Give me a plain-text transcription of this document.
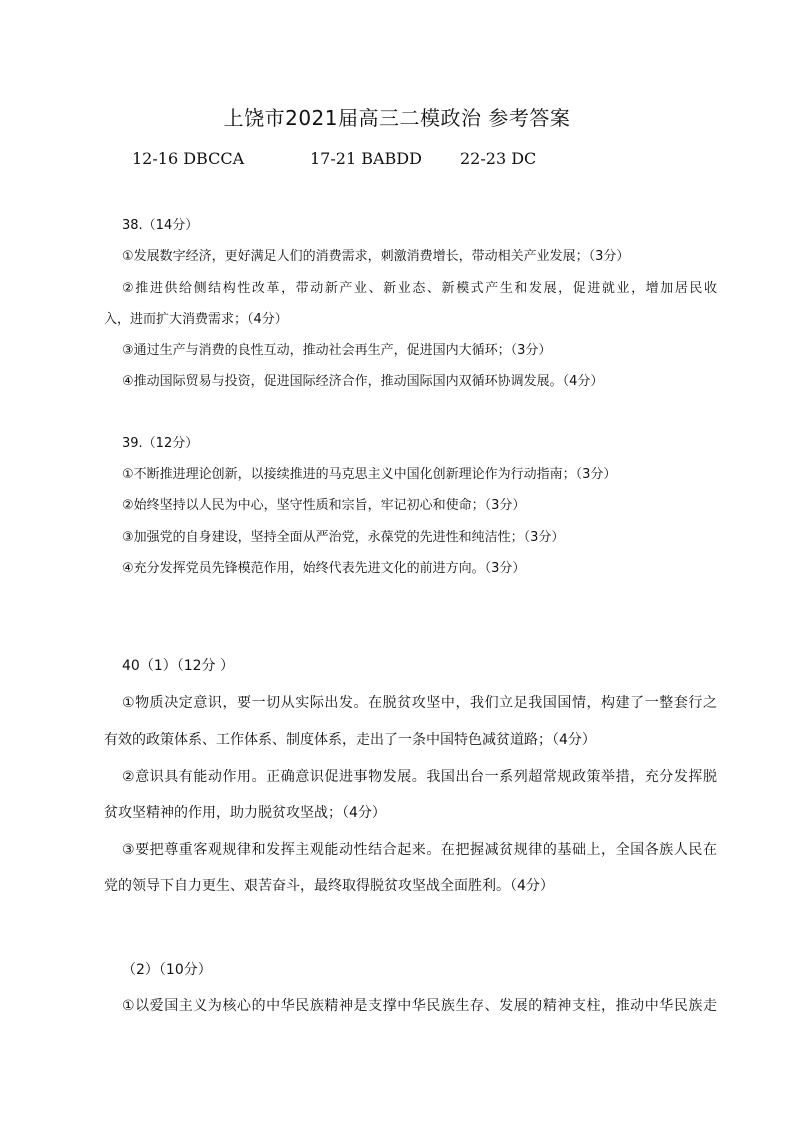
上饶市2021届高三二模政治 参考答案
12-16 DBCCA	17-21 BABDD 22-23 DC
38.（14分）
①发展数字经济，更好满足人们的消费需求，刺激消费增长，带动相关产业发展；（3分）
②推进供给侧结构性改革，带动新产业、新业态、新模式产生和发展，促进就业，增加居民收
入，进而扩大消费需求；（4分）
③通过生产与消费的良性互动，推动社会再生产，促进国内大循环；（3分）
④推动国际贸易与投资，促进国际经济合作，推动国际国内双循环协调发展。（4分）
39.（12分）
①不断推进理论创新，以接续推进的马克思主义中国化创新理论作为行动指南；（3分）
②始终坚持以人民为中心，坚守性质和宗旨，牢记初心和使命；（3分）
③加强党的自身建设，坚持全面从严治党，永葆党的先进性和纯洁性；（3分）
④充分发挥党员先锋模范作用，始终代表先进文化的前进方向。（3分）
40（1）（12分 ）
①物质决定意识，要一切从实际出发。在脱贫攻坚中，我们立足我国国情，构建了一整套行之
有效的政策体系、工作体系、制度体系，走出了一条中国特色减贫道路；（4分）
②意识具有能动作用。正确意识促进事物发展。我国出台一系列超常规政策举措，充分发挥脱
贫攻坚精神的作用，助力脱贫攻坚战；（4分）
③要把尊重客观规律和发挥主观能动性结合起来。在把握减贫规律的基础上，全国各族人民在
党的领导下自力更生、艰苦奋斗，最终取得脱贫攻坚战全面胜利。（4分）
（2）（10分）
①以爱国主义为核心的中华民族精神是支撑中华民族生存、发展的精神支柱，推动中华民族走
